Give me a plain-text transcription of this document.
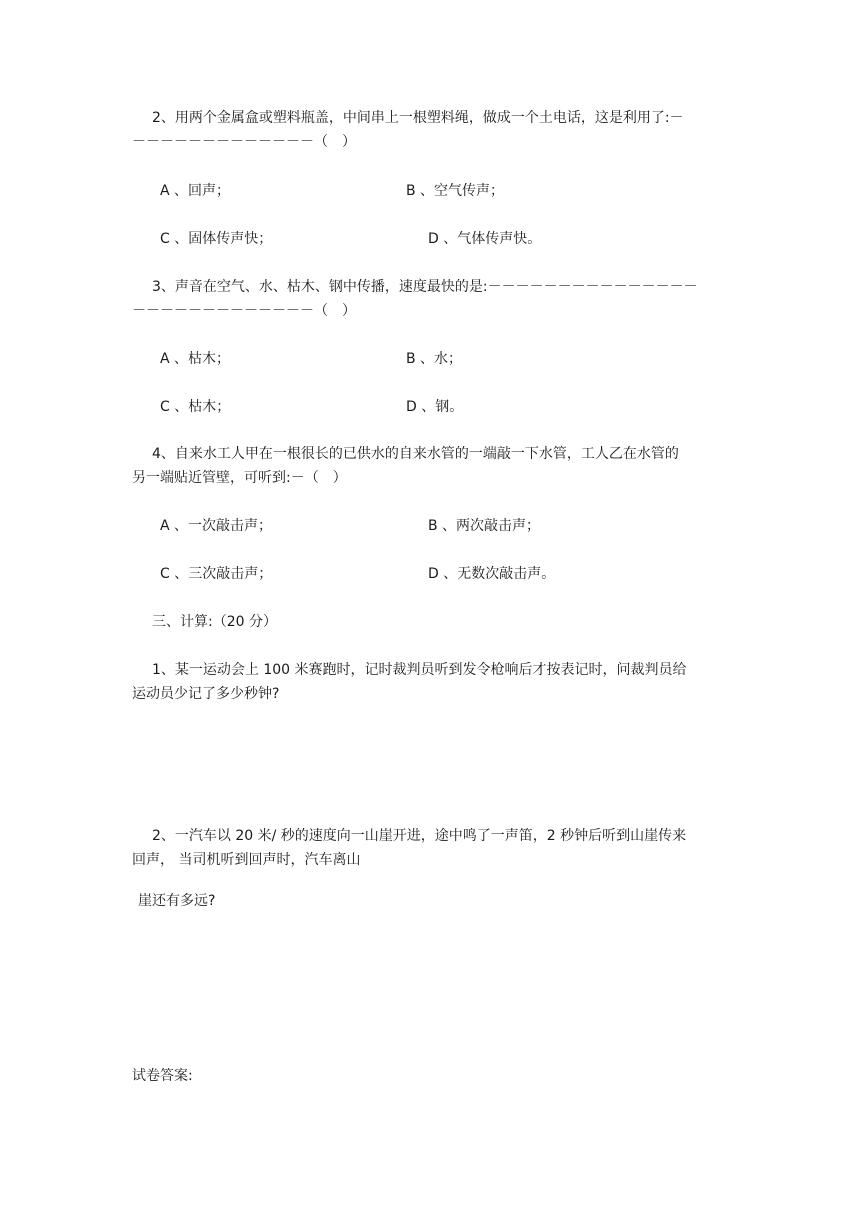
2、用两个金属盒或塑料瓶盖，中间串上一根塑料绳，做成一个土电话，这是利用了:－
－－－－－－－－－－－－－（　）
A 、回声；	B 、空气传声；
C 、固体传声快；	D 、气体传声快。
3、声音在空气、水、枯木、钢中传播，速度最快的是:－－－－－－－－－－－－－－－
－－－－－－－－－－－－－（　）
A 、枯木；	B 、水；
C 、枯木；	D 、钢。
4、自来水工人甲在一根很长的已供水的自来水管的一端敲一下水管，工人乙在水管的
另一端贴近管壁，可听到:－（　）
A 、一次敲击声；	B 、两次敲击声；
C 、三次敲击声；	D 、无数次敲击声。
三、计算:（20 分）
1、某一运动会上 100 米赛跑时，记时裁判员听到发令枪响后才按表记时，问裁判员给
运动员少记了多少秒钟?
2、一汽车以 20 米/ 秒的速度向一山崖开进，途中鸣了一声笛，2 秒钟后听到山崖传来
回声， 当司机听到回声时，汽车离山
崖还有多远?
试卷答案:
